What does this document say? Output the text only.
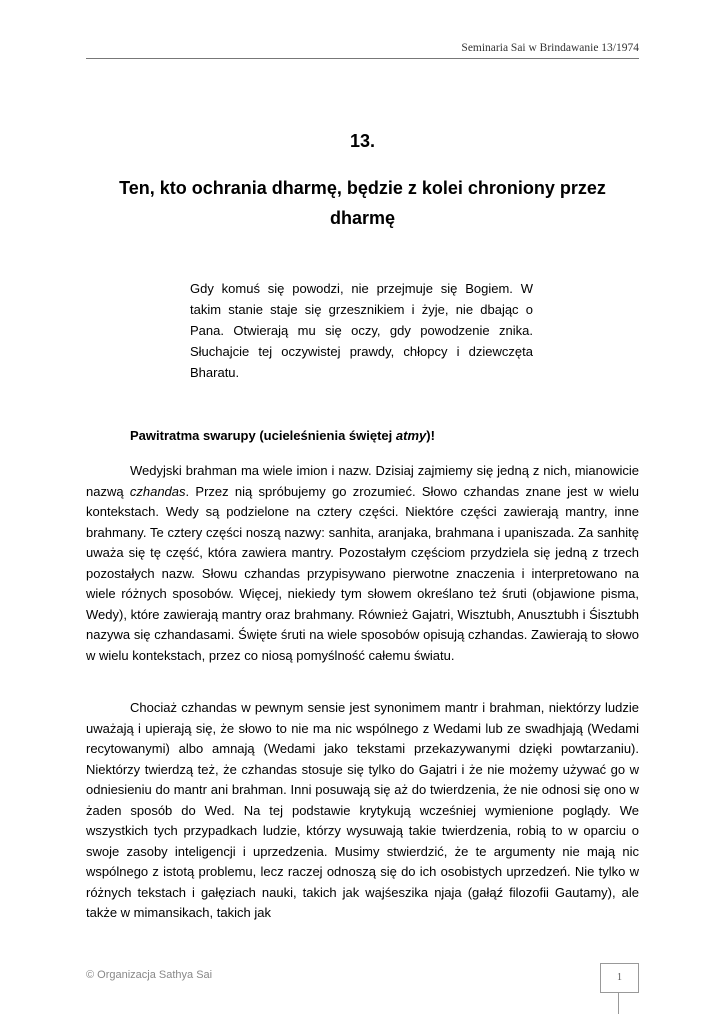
Seminaria Sai w Brindawanie 13/1974
13.
Ten, kto ochrania dharmę, będzie z kolei chroniony przez dharmę
Gdy komuś się powodzi, nie przejmuje się Bogiem. W takim stanie staje się grzesznikiem i żyje, nie dbając o Pana. Otwierają mu się oczy, gdy powodzenie znika. Słuchajcie tej oczywistej prawdy, chłopcy i dziewczęta Bharatu.
Pawitratma swarupy (ucieleśnienia świętej atmy)!

Wedyjski brahman ma wiele imion i nazw. Dzisiaj zajmiemy się jedną z nich, mianowicie nazwą czhandas. Przez nią spróbujemy go zrozumieć. Słowo czhandas znane jest w wielu kontekstach. Wedy są podzielone na cztery części. Niektóre części zawierają mantry, inne brahmany. Te cztery części noszą nazwy: sanhita, aranjaka, brahmana i upaniszada. Za sanhitę uważa się tę część, która zawiera mantry. Pozostałym częściom przydziela się jedną z trzech pozostałych nazw. Słowu czhandas przypisywano pierwotne znaczenia i interpretowano na wiele różnych sposobów. Więcej, niekiedy tym słowem określano też śruti (objawione pisma, Wedy), które zawierają mantry oraz brahmany. Również Gajatri, Wisztubh, Anusztubh i Śisztubh nazywa się czhandasami. Święte śruti na wiele sposobów opisują czhandas. Zawierają to słowo w wielu kontekstach, przez co niosą pomyślność całemu światu.

Chociaż czhandas w pewnym sensie jest synonimem mantr i brahman, niektórzy ludzie uważają i upierają się, że słowo to nie ma nic wspólnego z Wedami lub ze swadhjają (Wedami recytowanymi) albo amnają (Wedami jako tekstami przekazywanymi dzięki powtarzaniu). Niektórzy twierdzą też, że czhandas stosuje się tylko do Gajatri i że nie możemy używać go w odniesieniu do mantr ani brahman. Inni posuwają się aż do twierdzenia, że nie odnosi się ono w żaden sposób do Wed. Na tej podstawie krytykują wcześniej wymienione poglądy. We wszystkich tych przypadkach ludzie, którzy wysuwają takie twierdzenia, robią to w oparciu o swoje zasoby inteligencji i uprzedzenia. Musimy stwierdzić, że te argumenty nie mają nic wspólnego z istotą problemu, lecz raczej odnoszą się do ich osobistych uprzedzeń. Nie tylko w różnych tekstach i gałęziach nauki, takich jak wajśeszika njaja (gałąź filozofii Gautamy), ale także w mimansikach, takich jak

© Organizacja Sathya Sai	1
